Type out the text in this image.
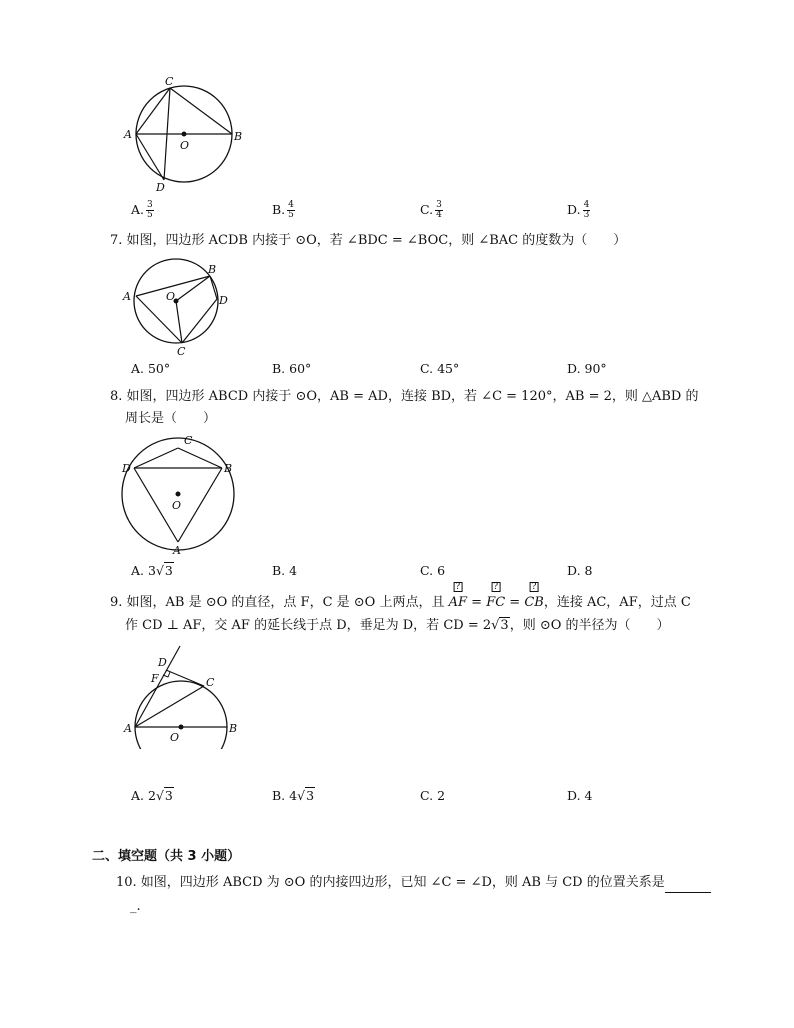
C
A	B
O
D
A. $\frac{3}{5}$	B. $\frac{4}{5}$	C. $\frac{3}{4}$	D. $\frac{4}{3}$
7. 如图，四边形 ACDB 内接于 ⊙O，若 ∠BDC = ∠BOC，则 ∠BAC 的度数为（　　）
A
B
D
O
C
A. 50°	B. 60°	C. 45°	D. 90°
8. 如图，四边形 ABCD 内接于 ⊙O，AB = AD，连接 BD，若 ∠C = 120°，AB = 2，则 △ABD 的
周长是（　　）
C
D	B
O
A
A. 3√3	B. 4	C. 6	D. 8
9. 如图，AB 是 ⊙O 的直径，点 F，C 是 ⊙O 上两点，且
?
AF =
?
FC =
?
CB，连接 AC，AF，过点 C
作 CD ⊥ AF，交 AF 的延长线于点 D，垂足为 D，若 CD = 2√3，则 ⊙O 的半径为（　　）
D
F	C
A	B
O
A. 2√3	B. 4√3	C. 2	D. 4
二、填空题（共 3 小题）
10. 如图，四边形 ABCD 为 ⊙O 的内接四边形，已知 ∠C = ∠D，则 AB 与 CD 的位置关系是
_.
